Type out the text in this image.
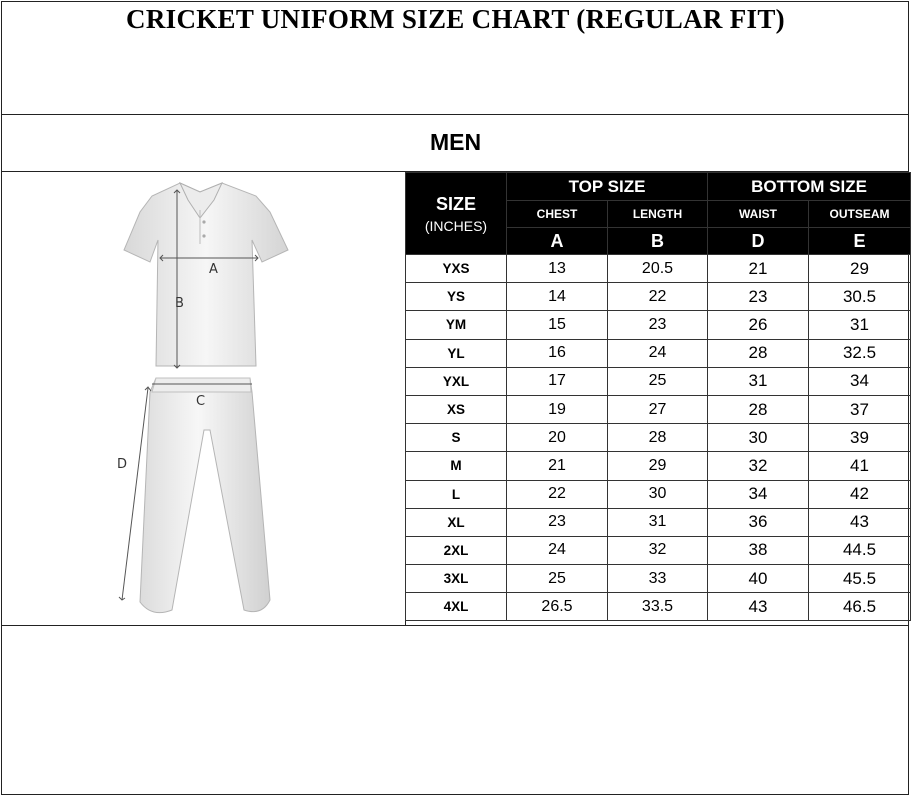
CRICKET UNIFORM SIZE CHART (REGULAR FIT)
MEN
A
B
C
D
SIZE
(INCHES)	TOP SIZE		BOTTOM SIZE	
	CHEST	LENGTH	WAIST	OUTSEAM
	A	B	D	E
YXS	13	20.5	21	29
YS	14	22	23	30.5
YM	15	23	26	31
YL	16	24	28	32.5
YXL	17	25	31	34
XS	19	27	28	37
S	20	28	30	39
M	21	29	32	41
L	22	30	34	42
XL	23	31	36	43
2XL	24	32	38	44.5
3XL	25	33	40	45.5
4XL	26.5	33.5	43	46.5
